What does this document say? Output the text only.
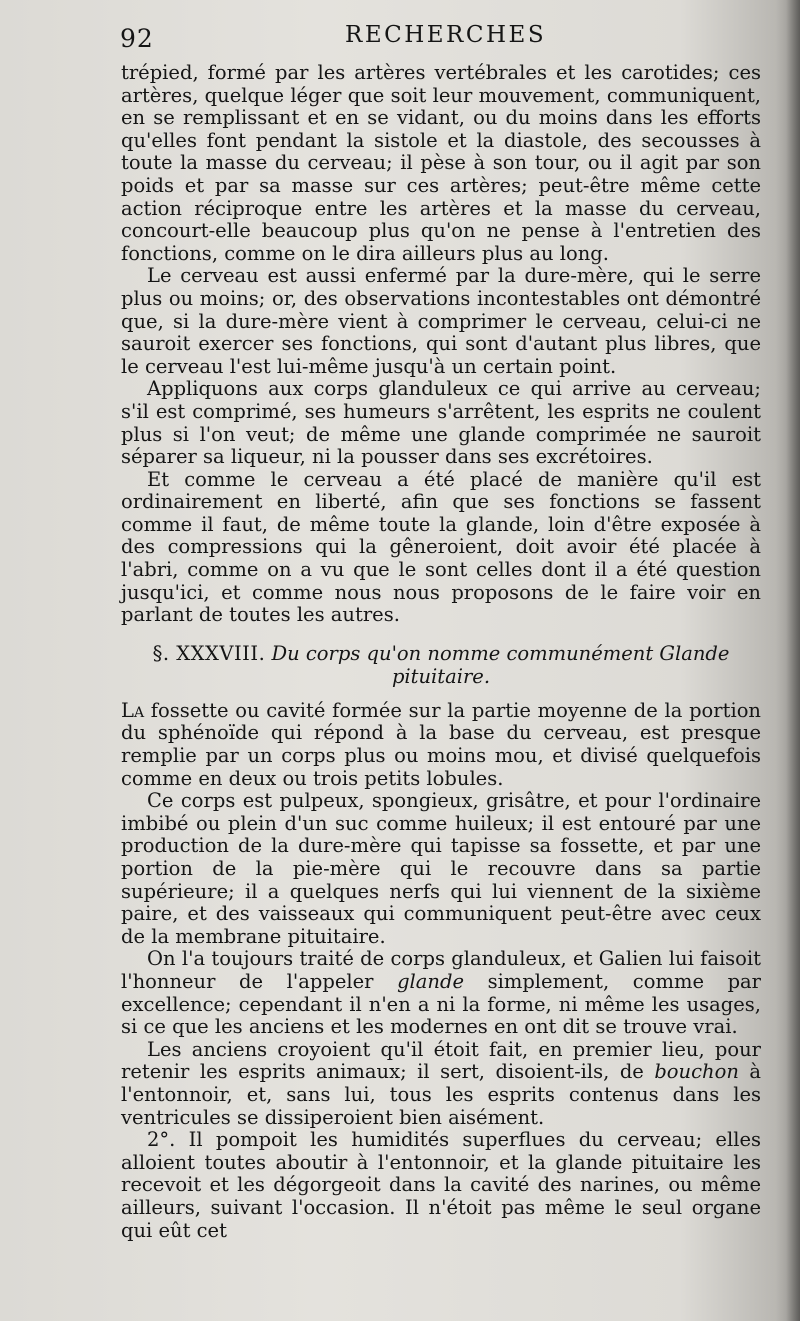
92	RECHERCHES

trépied, formé par les artères vertébrales et les carotides; ces artères, quelque léger que soit leur mouvement, communiquent, en se remplissant et en se vidant, ou du moins dans les efforts qu'elles font pendant la sistole et la diastole, des secousses à toute la masse du cerveau; il pèse à son tour, ou il agit par son poids et par sa masse sur ces artères; peut-être même cette action réciproque entre les artères et la masse du cerveau, concourt-elle beaucoup plus qu'on ne pense à l'entretien des fonctions, comme on le dira ailleurs plus au long.

Le cerveau est aussi enfermé par la dure-mère, qui le serre plus ou moins; or, des observations incontestables ont démontré que, si la dure-mère vient à comprimer le cerveau, celui-ci ne sauroit exercer ses fonctions, qui sont d'autant plus libres, que le cerveau l'est lui-même jusqu'à un certain point.

Appliquons aux corps glanduleux ce qui arrive au cerveau; s'il est comprimé, ses humeurs s'arrêtent, les esprits ne coulent plus si l'on veut; de même une glande comprimée ne sauroit séparer sa liqueur, ni la pousser dans ses excrétoires.

Et comme le cerveau a été placé de manière qu'il est ordinairement en liberté, afin que ses fonctions se fassent comme il faut, de même toute la glande, loin d'être exposée à des compressions qui la gêneroient, doit avoir été placée à l'abri, comme on a vu que le sont celles dont il a été question jusqu'ici, et comme nous nous proposons de le faire voir en parlant de toutes les autres.

§. XXXVIII. Du corps qu'on nomme communément Glande pituitaire.

La fossette ou cavité formée sur la partie moyenne de la portion du sphénoïde qui répond à la base du cerveau, est presque remplie par un corps plus ou moins mou, et divisé quelquefois comme en deux ou trois petits lobules.

Ce corps est pulpeux, spongieux, grisâtre, et pour l'ordinaire imbibé ou plein d'un suc comme huileux; il est entouré par une production de la dure-mère qui tapisse sa fossette, et par une portion de la pie-mère qui le recouvre dans sa partie supérieure; il a quelques nerfs qui lui viennent de la sixième paire, et des vaisseaux qui communiquent peut-être avec ceux de la membrane pituitaire.

On l'a toujours traité de corps glanduleux, et Galien lui faisoit l'honneur de l'appeler glande simplement, comme par excellence; cependant il n'en a ni la forme, ni même les usages, si ce que les anciens et les modernes en ont dit se trouve vrai.

Les anciens croyoient qu'il étoit fait, en premier lieu, pour retenir les esprits animaux; il sert, disoient-ils, de bouchon à l'entonnoir, et, sans lui, tous les esprits contenus dans les ventricules se dissiperoient bien aisément.

2°. Il pompoit les humidités superflues du cerveau; elles alloient toutes aboutir à l'entonnoir, et la glande pituitaire les recevoit et les dégorgeoit dans la cavité des narines, ou même ailleurs, suivant l'occasion. Il n'étoit pas même le seul organe qui eût cet
